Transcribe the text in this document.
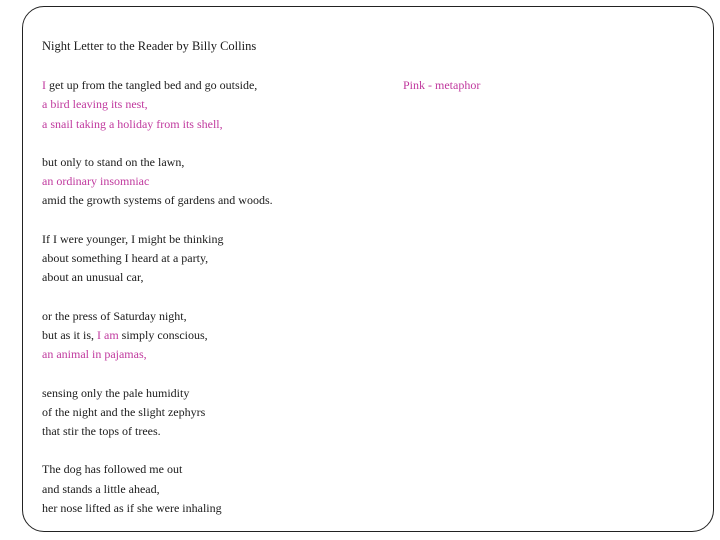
Night Letter to the Reader by Billy Collins
Pink - metaphor
I get up from the tangled bed and go outside,
a bird leaving its nest,
a snail taking a holiday from its shell,
but only to stand on the lawn,
an ordinary insomniac
amid the growth systems of gardens and woods.
If I were younger, I might be thinking
about something I heard at a party,
about an unusual car,
or the press of Saturday night,
but as it is, I am simply conscious,
an animal in pajamas,
sensing only the pale humidity
of the night and the slight zephyrs
that stir the tops of trees.
The dog has followed me out
and stands a little ahead,
her nose lifted as if she were inhaling
